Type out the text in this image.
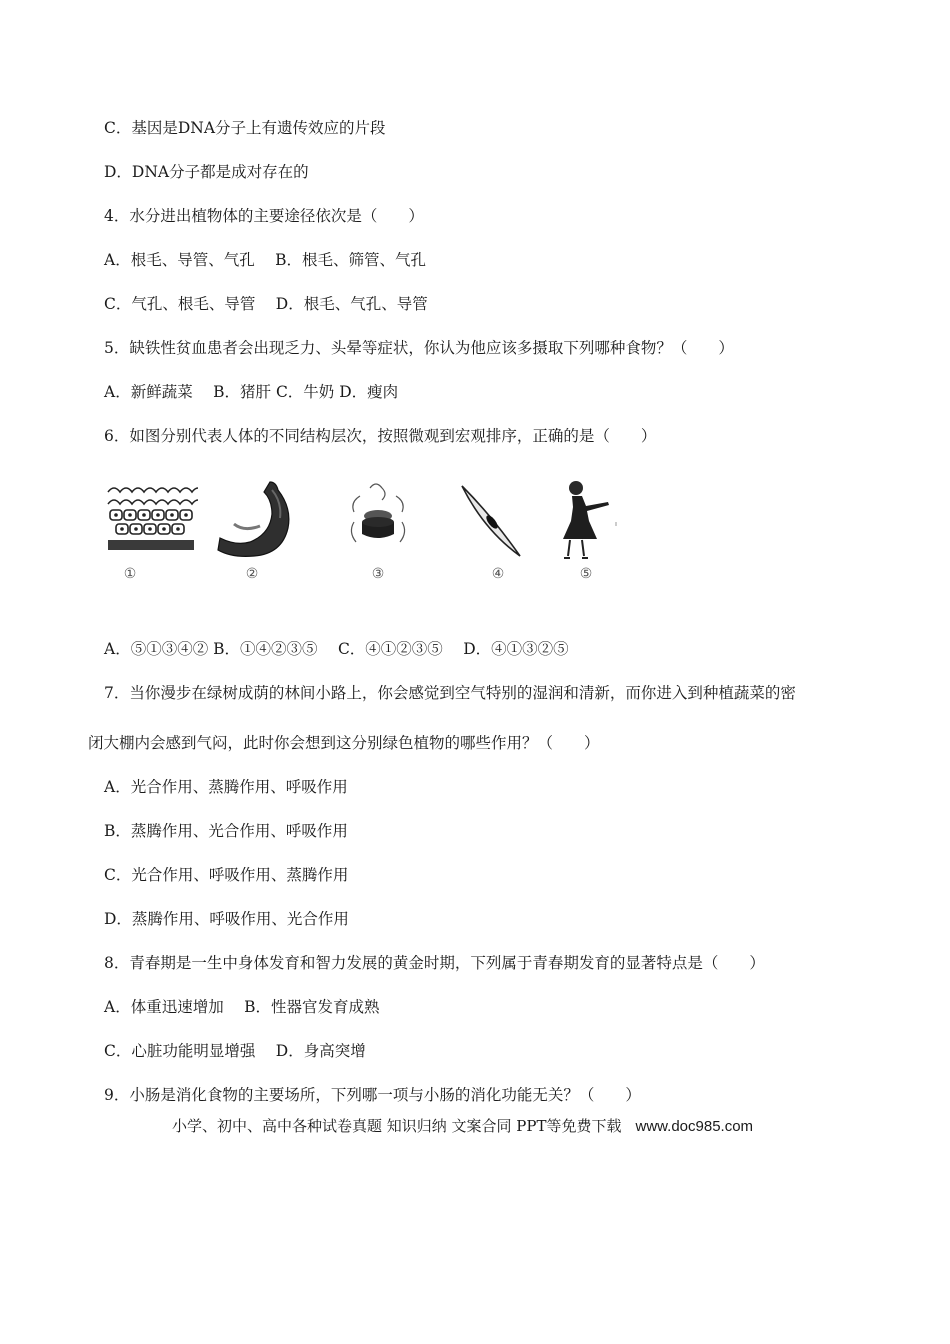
C．基因是DNA分子上有遗传效应的片段
D．DNA分子都是成对存在的
4．水分进出植物体的主要途径依次是（　　）
A．根毛、导管、气孔　 B．根毛、筛管、气孔
C．气孔、根毛、导管　 D．根毛、气孔、导管
5．缺铁性贫血患者会出现乏力、头晕等症状，你认为他应该多摄取下列哪种食物？（　　）
A．新鲜蔬菜　 B．猪肝 C．牛奶 D．瘦肉
6．如图分别代表人体的不同结构层次，按照微观到宏观排序，正确的是（　　）
①	②	③	④	⑤
A．⑤①③④② B．①④②③⑤　 C．④①②③⑤　 D．④①③②⑤
7．当你漫步在绿树成荫的林间小路上，你会感觉到空气特别的湿润和清新，而你进入到种植蔬菜的密
闭大棚内会感到气闷，此时你会想到这分别绿色植物的哪些作用？（　　）
A．光合作用、蒸腾作用、呼吸作用
B．蒸腾作用、光合作用、呼吸作用
C．光合作用、呼吸作用、蒸腾作用
D．蒸腾作用、呼吸作用、光合作用
8．青春期是一生中身体发育和智力发展的黄金时期，下列属于青春期发育的显著特点是（　　）
A．体重迅速增加　 B．性器官发育成熟
C．心脏功能明显增强　 D．身高突增
9．小肠是消化食物的主要场所，下列哪一项与小肠的消化功能无关？（　　）
小学、初中、高中各种试卷真题 知识归纳 文案合同 PPT等免费下载 www.doc985.com
